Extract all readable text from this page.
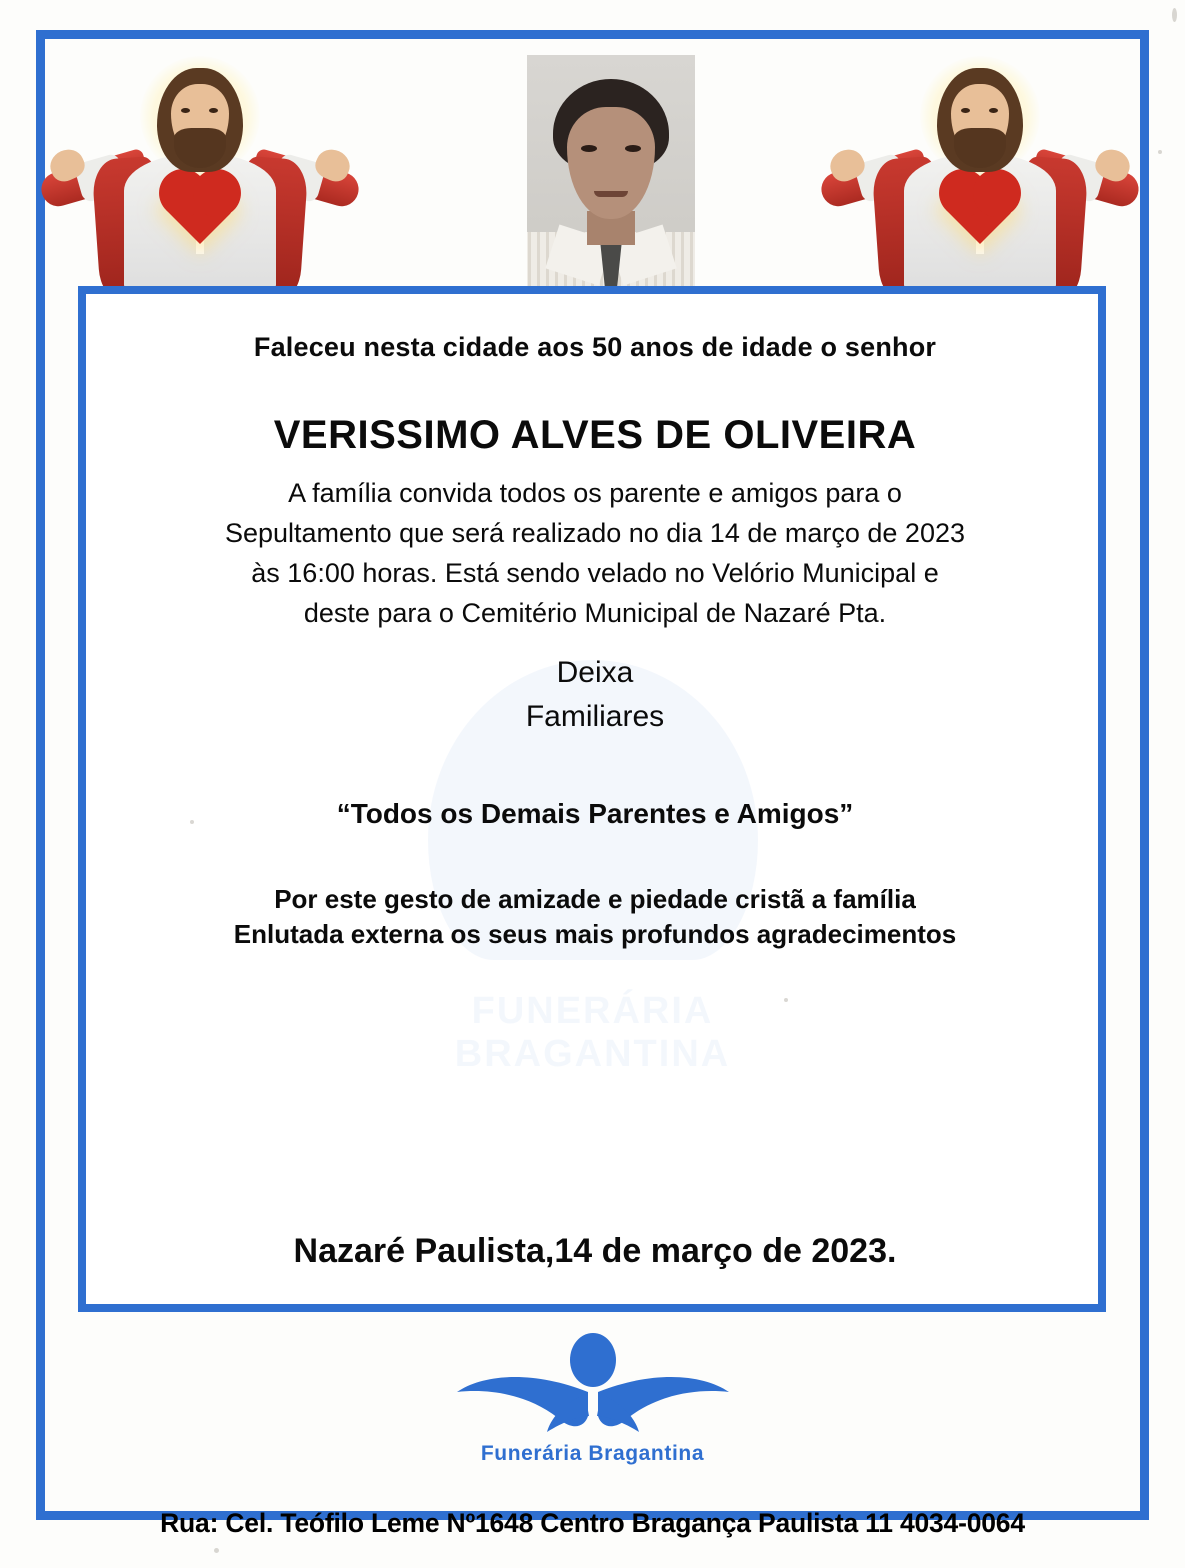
Faleceu nesta cidade aos 50 anos de idade o senhor

VERISSIMO ALVES DE OLIVEIRA
A família convida todos os parente e amigos para o
Sepultamento que será realizado no dia 14 de março de 2023
às 16:00 horas. Está sendo velado no Velório Municipal e
deste para o Cemitério Municipal de Nazaré Pta.

Deixa

Familiares

“Todos os Demais Parentes e Amigos”

Por este gesto de amizade e piedade cristã a família
Enlutada externa os seus mais profundos agradecimentos

Nazaré Paulista,14 de março de 2023.

Funerária Bragantina
Rua: Cel. Teófilo Leme Nº1648 Centro Bragança Paulista 11 4034-0064
